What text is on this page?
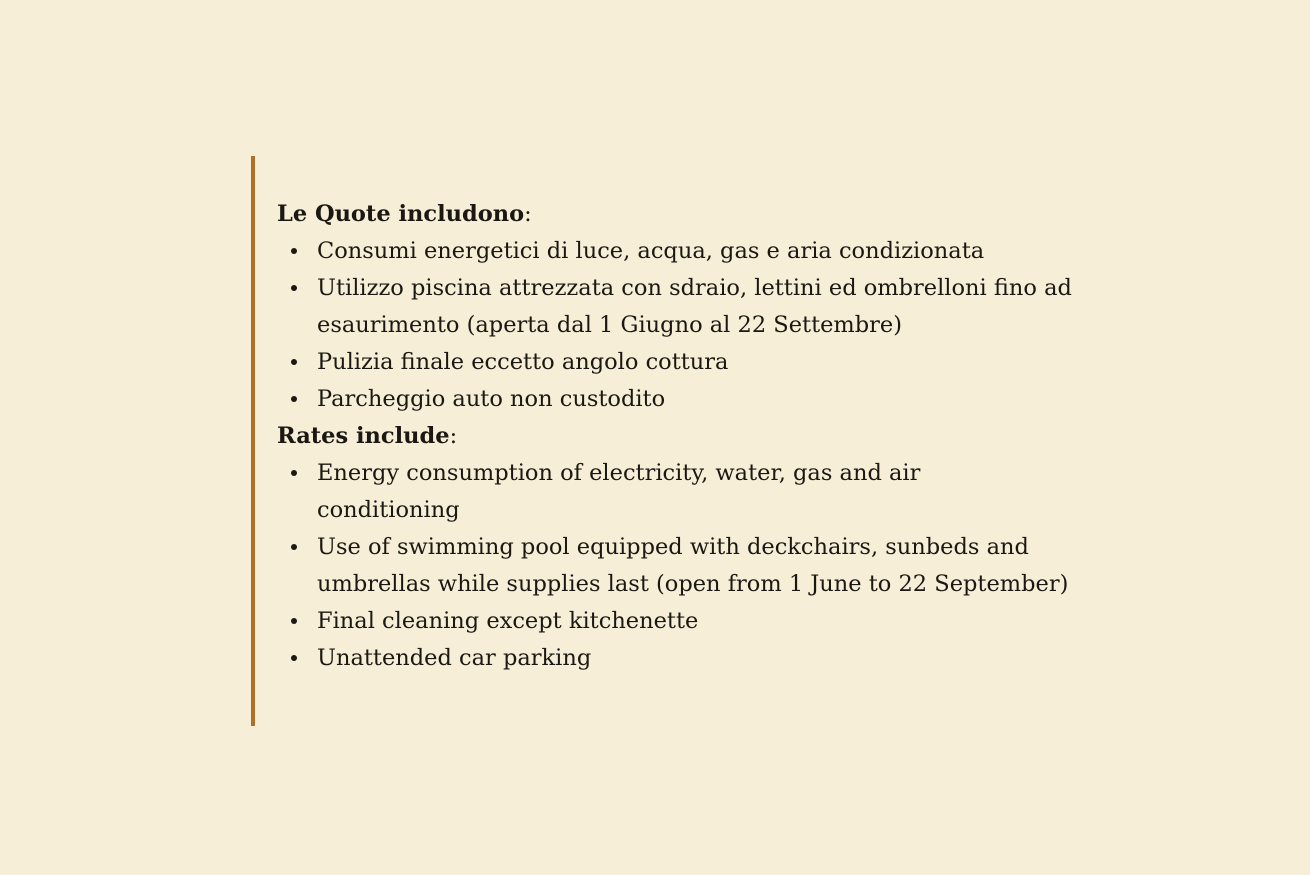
Le Quote includono:

Consumi energetici di luce, acqua, gas e aria condizionata
Utilizzo piscina attrezzata con sdraio, lettini ed ombrelloni fino ad esaurimento (aperta dal 1 Giugno al 22 Settembre)
Pulizia finale eccetto angolo cottura
Parcheggio auto non custodito

Rates include:

Energy consumption of electricity, water, gas and air conditioning
Use of swimming pool equipped with deckchairs, sunbeds and umbrellas while supplies last (open from 1 June to 22 September)
Final cleaning except kitchenette
Unattended car parking
